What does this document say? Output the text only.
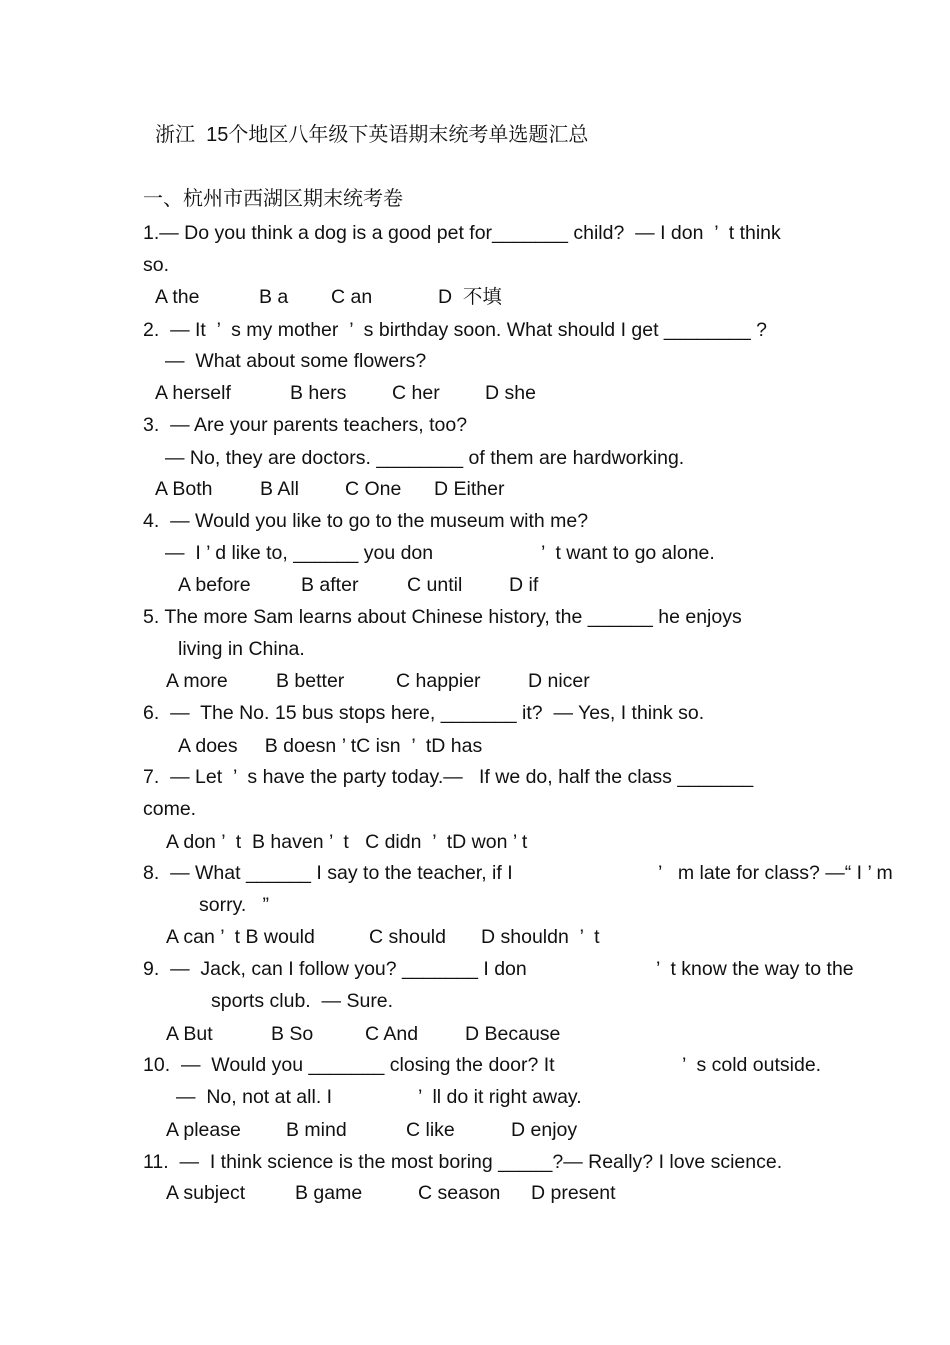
浙江  15个地区八年级下英语期末统考单选题汇总
一、杭州市西湖区期末统考卷
1.— Do you think a dog is a good pet for_______ child?  — I don  ’  t think
so.
A the	B a C an	D  不填
2.  — It  ’  s my mother  ’  s birthday soon. What should I get ________ ?
—  What about some flowers?
A herself	B hers C her D she
3.  — Are your parents teachers, too?
— No, they are doctors. ________ of them are hardworking.
A Both B All C One D Either
4.  — Would you like to go to the museum with me?
—  I ’ d like to, ______ you don	’  t want to go alone.
A before	B after C until D if
5. The more Sam learns about Chinese history, the ______ he enjoys
living in China.
A more B better	C happier D nicer
6.  —  The No. 15 bus stops here, _______ it?  — Yes, I think so.
A does     B doesn ’ tC isn  ’  tD has
7.  — Let  ’  s have the party today.—   If we do, half the class _______
come.
A don ’  t  B haven ’  t   C didn  ’  tD won ’ t
8.  — What ______ I say to the teacher, if I	’   m late for class? —“ I ’ m
sorry.   ”
A can ’  t B would	C should D shouldn  ’  t
9.  —  Jack, can I follow you? _______ I don	’  t know the way to the
sports club.  — Sure.
A But	B So	C And D Because
10.  —  Would you _______ closing the door? It	’  s cold outside.
—  No, not at all. I	’  ll do it right away.
A please B mind	C like	D enjoy
11.  —  I think science is the most boring _____?— Really? I love science.
A subject	B game	C season D present
